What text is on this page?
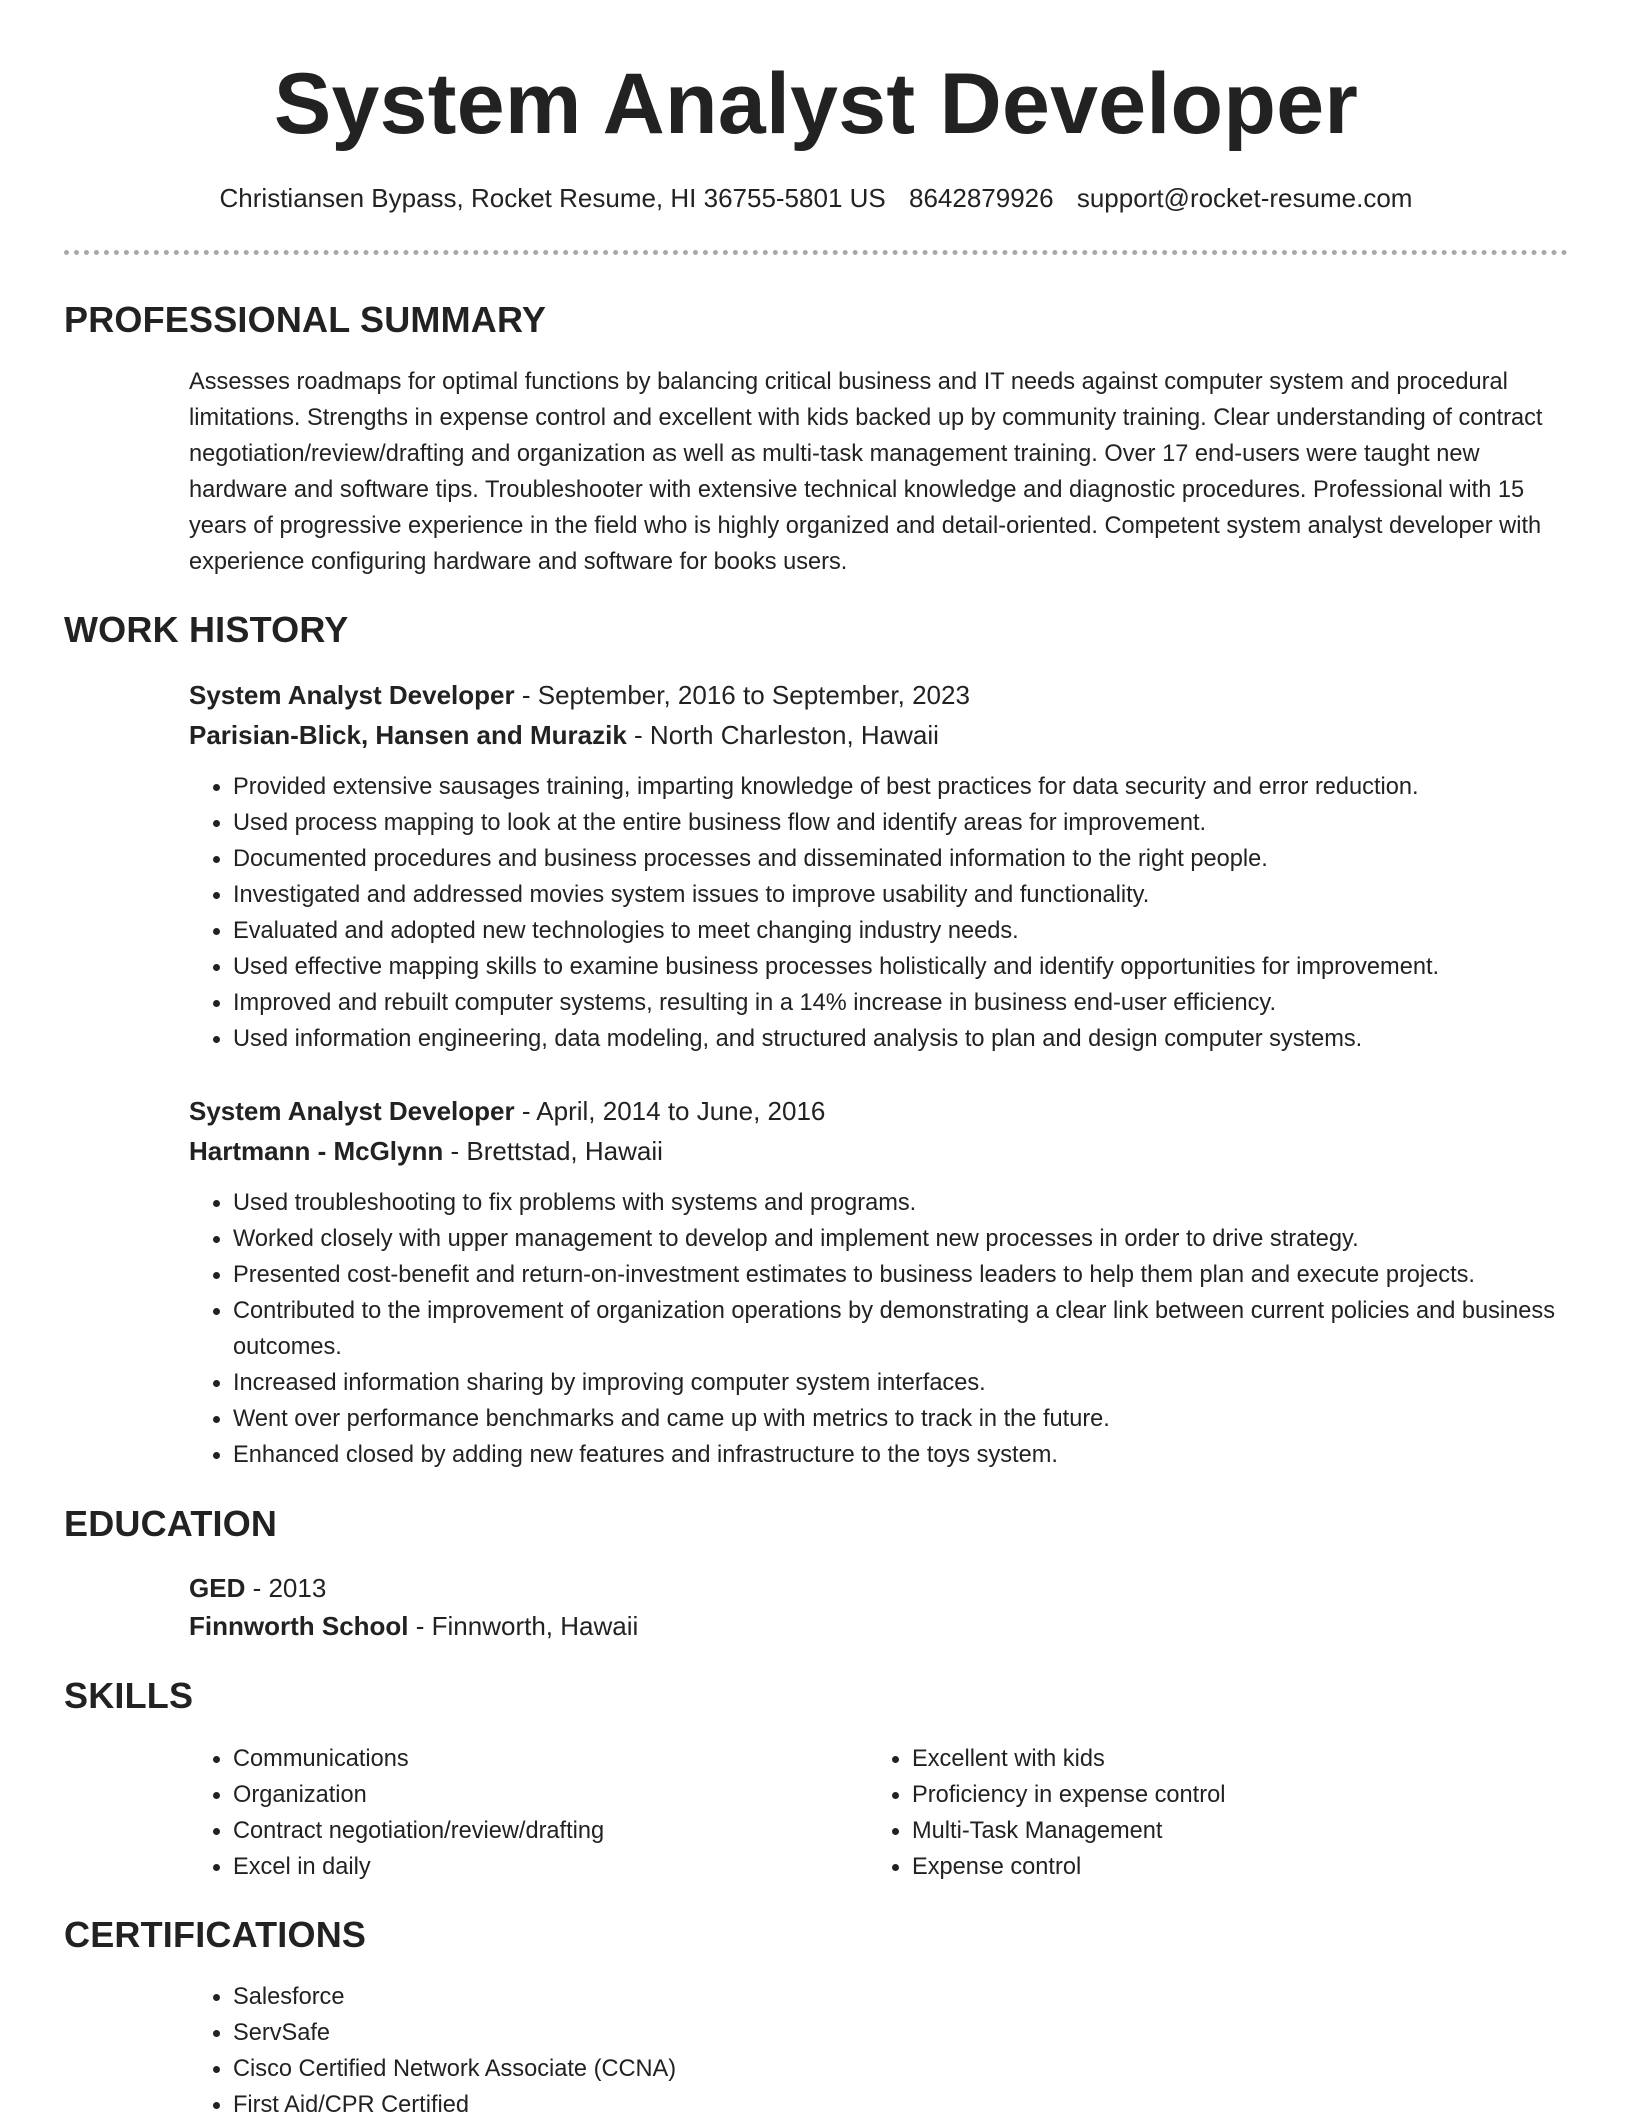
System Analyst Developer
Christiansen Bypass, Rocket Resume, HI 36755-5801 US 8642879926 support@rocket-resume.com
PROFESSIONAL SUMMARY
Assesses roadmaps for optimal functions by balancing critical business and IT needs against computer system and procedural limitations. Strengths in expense control and excellent with kids backed up by community training. Clear understanding of contract negotiation/review/drafting and organization as well as multi-task management training. Over 17 end-users were taught new hardware and software tips. Troubleshooter with extensive technical knowledge and diagnostic procedures. Professional with 15 years of progressive experience in the field who is highly organized and detail-oriented. Competent system analyst developer with experience configuring hardware and software for books users.
WORK HISTORY
System Analyst Developer - September, 2016 to September, 2023
Parisian-Blick, Hansen and Murazik - North Charleston, Hawaii
• Provided extensive sausages training, imparting knowledge of best practices for data security and error reduction.
• Used process mapping to look at the entire business flow and identify areas for improvement.
• Documented procedures and business processes and disseminated information to the right people.
• Investigated and addressed movies system issues to improve usability and functionality.
• Evaluated and adopted new technologies to meet changing industry needs.
• Used effective mapping skills to examine business processes holistically and identify opportunities for improvement.
• Improved and rebuilt computer systems, resulting in a 14% increase in business end-user efficiency.
• Used information engineering, data modeling, and structured analysis to plan and design computer systems.
System Analyst Developer - April, 2014 to June, 2016
Hartmann - McGlynn - Brettstad, Hawaii
• Used troubleshooting to fix problems with systems and programs.
• Worked closely with upper management to develop and implement new processes in order to drive strategy.
• Presented cost-benefit and return-on-investment estimates to business leaders to help them plan and execute projects.
• Contributed to the improvement of organization operations by demonstrating a clear link between current policies and business outcomes.
• Increased information sharing by improving computer system interfaces.
• Went over performance benchmarks and came up with metrics to track in the future.
• Enhanced closed by adding new features and infrastructure to the toys system.
EDUCATION
GED - 2013
Finnworth School - Finnworth, Hawaii
SKILLS
• Communications
• Organization
• Contract negotiation/review/drafting
• Excel in daily
• Excellent with kids
• Proficiency in expense control
• Multi-Task Management
• Expense control
CERTIFICATIONS
• Salesforce
• ServSafe
• Cisco Certified Network Associate (CCNA)
• First Aid/CPR Certified
